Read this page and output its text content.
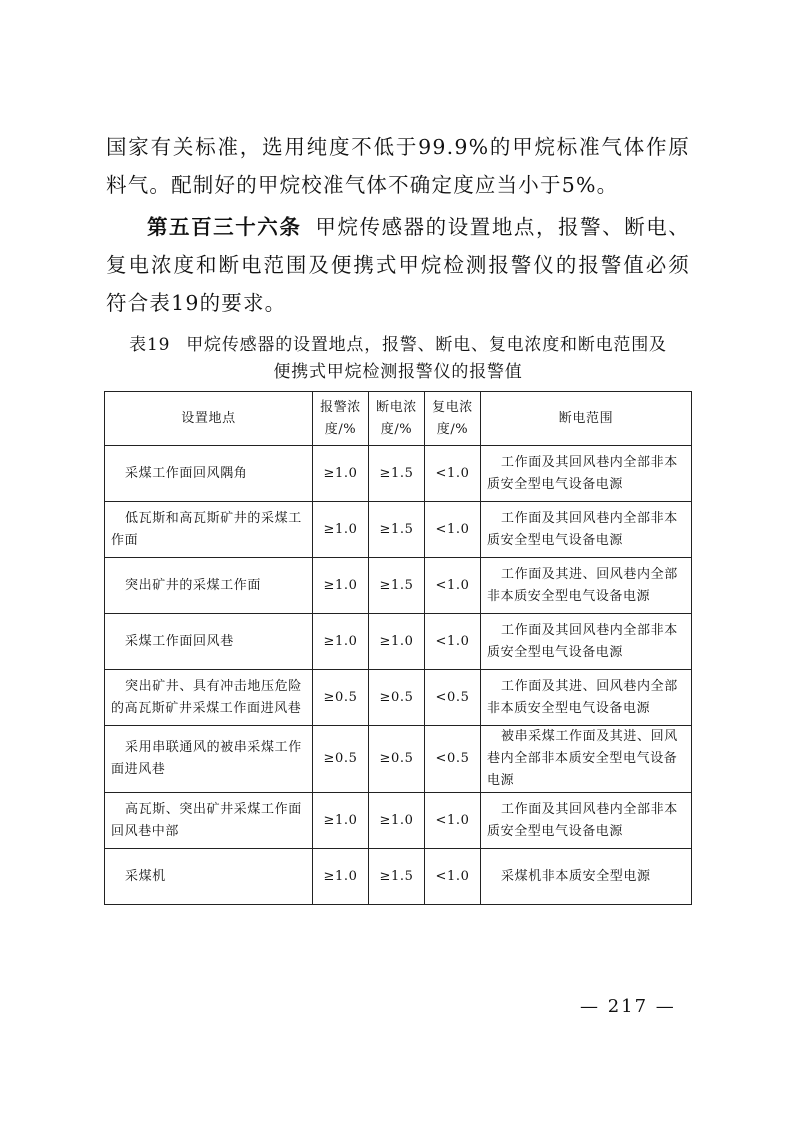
国家有关标准，选用纯度不低于99.9%的甲烷标准气体作原料气。配制好的甲烷校准气体不确定度应当小于5%。
第五百三十六条 甲烷传感器的设置地点，报警、断电、复电浓度和断电范围及便携式甲烷检测报警仪的报警值必须符合表19的要求。
表19 甲烷传感器的设置地点，报警、断电、复电浓度和断电范围及
便携式甲烷检测报警仪的报警值
设置地点	报警浓度/%	断电浓度/%	复电浓度/%	断电范围
采煤工作面回风隅角	≥1.0	≥1.5	<1.0	工作面及其回风巷内全部非本质安全型电气设备电源
低瓦斯和高瓦斯矿井的采煤工作面	≥1.0	≥1.5	<1.0	工作面及其回风巷内全部非本质安全型电气设备电源
突出矿井的采煤工作面	≥1.0	≥1.5	<1.0	工作面及其进、回风巷内全部非本质安全型电气设备电源
采煤工作面回风巷	≥1.0	≥1.0	<1.0	工作面及其回风巷内全部非本质安全型电气设备电源
突出矿井、具有冲击地压危险的高瓦斯矿井采煤工作面进风巷	≥0.5	≥0.5	<0.5	工作面及其进、回风巷内全部非本质安全型电气设备电源
采用串联通风的被串采煤工作面进风巷	≥0.5	≥0.5	<0.5	被串采煤工作面及其进、回风巷内全部非本质安全型电气设备电源
高瓦斯、突出矿井采煤工作面回风巷中部	≥1.0	≥1.0	<1.0	工作面及其回风巷内全部非本质安全型电气设备电源
采煤机	≥1.0	≥1.5	<1.0	采煤机非本质安全型电源
— 217 —
